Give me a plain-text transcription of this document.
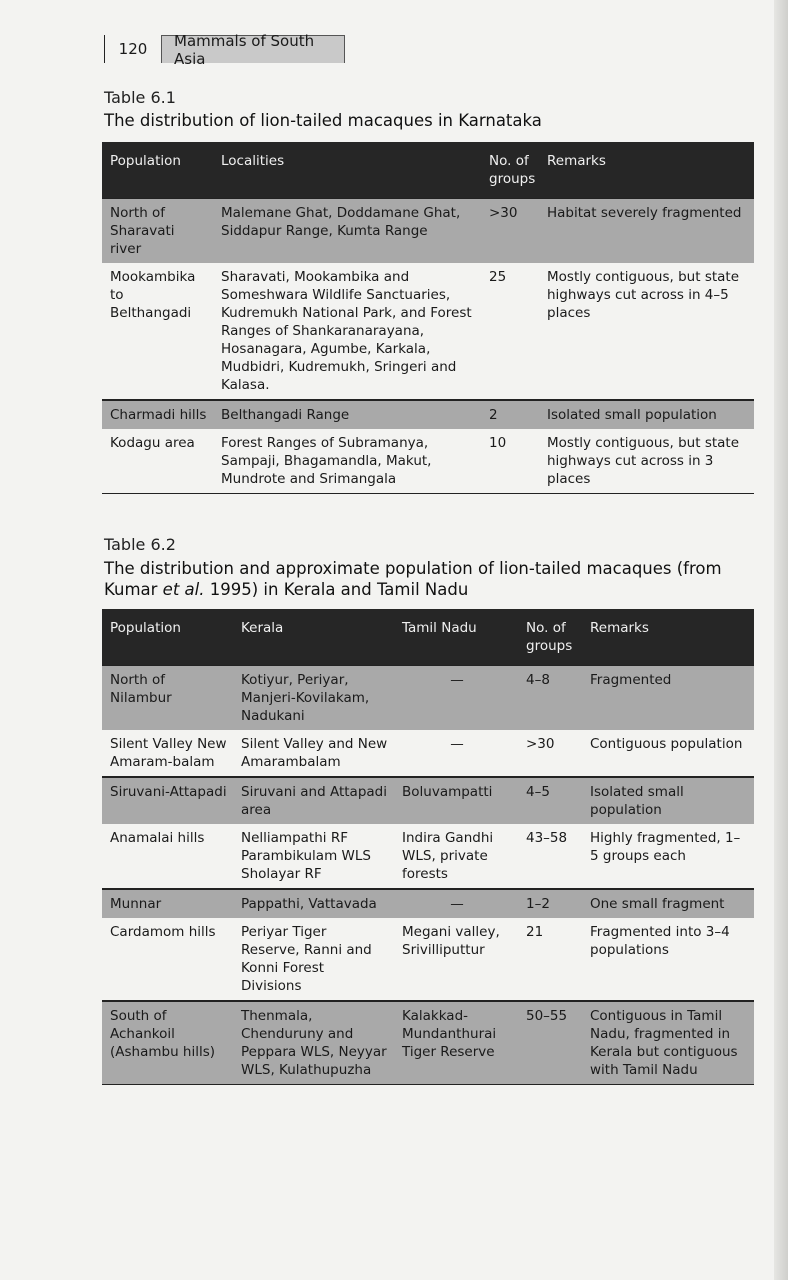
120	Mammals of South Asia
Table 6.1
The distribution of lion-tailed macaques in Karnataka
Population	Localities	No. of groups	Remarks
North of Sharavati river	Malemane Ghat, Doddamane Ghat, Siddapur Range, Kumta Range	>30	Habitat severely fragmented
Mookambika to Belthangadi	Sharavati, Mookambika and Someshwara Wildlife Sanctuaries, Kudremukh National Park, and Forest Ranges of Shankaranarayana, Hosanagara, Agumbe, Karkala, Mudbidri, Kudremukh, Sringeri and Kalasa.	25	Mostly contiguous, but state highways cut across in 4–5 places
Charmadi hills	Belthangadi Range	2	Isolated small population
Kodagu area	Forest Ranges of Subramanya, Sampaji, Bhagamandla, Makut, Mundrote and Srimangala	10	Mostly contiguous, but state highways cut across in 3 places
Table 6.2
The distribution and approximate population of lion-tailed macaques (from Kumar et al. 1995) in Kerala and Tamil Nadu
Population	Kerala	Tamil Nadu	No. of groups	Remarks
North of Nilambur	Kotiyur, Periyar, Manjeri-Kovilakam, Nadukani	—	4–8	Fragmented
Silent Valley New Amaram-balam	Silent Valley and New Amarambalam	—	>30	Contiguous population
Siruvani-Attapadi	Siruvani and Attapadi area	Boluvampatti	4–5	Isolated small population
Anamalai hills	Nelliampathi RF Parambikulam WLS Sholayar RF	Indira Gandhi WLS, private forests	43–58	Highly fragmented, 1–5 groups each
Munnar	Pappathi, Vattavada	—	1–2	One small fragment
Cardamom hills	Periyar Tiger Reserve, Ranni and Konni Forest Divisions	Megani valley, Srivilliputtur	21	Fragmented into 3–4 populations
South of Achankoil (Ashambu hills)	Thenmala, Chenduruny and Peppara WLS, Neyyar WLS, Kulathupuzha	Kalakkad-Mundanthurai Tiger Reserve	50–55	Contiguous in Tamil Nadu, fragmented in Kerala but contiguous with Tamil Nadu
